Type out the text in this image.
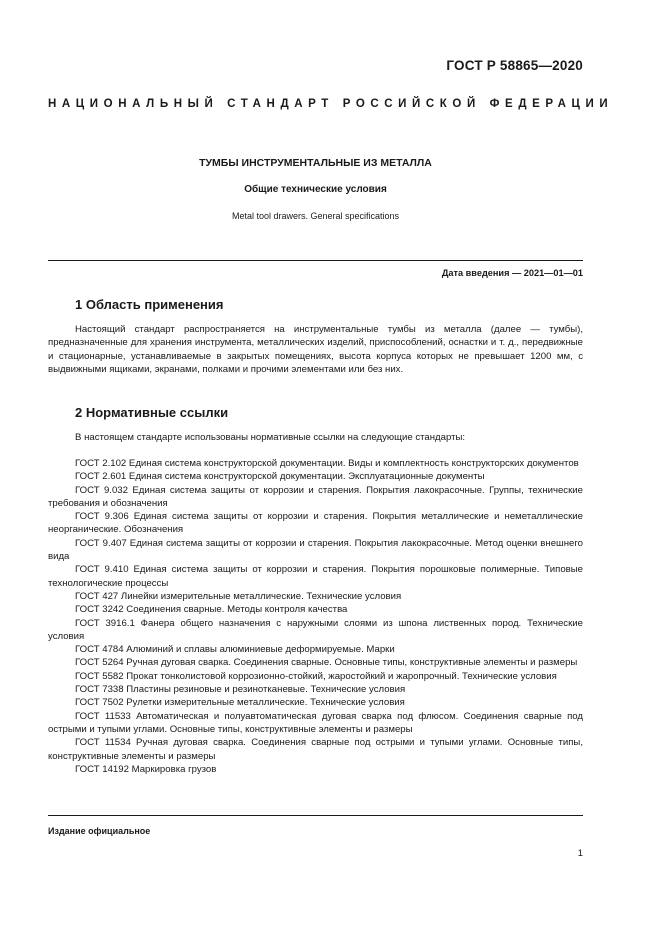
ГОСТ Р 58865—2020
НАЦИОНАЛЬНЫЙ СТАНДАРТ РОССИЙСКОЙ ФЕДЕРАЦИИ
ТУМБЫ ИНСТРУМЕНТАЛЬНЫЕ ИЗ МЕТАЛЛА
Общие технические условия
Metal tool drawers. General specifications
Дата введения — 2021—01—01
1 Область применения
Настоящий стандарт распространяется на инструментальные тумбы из металла (далее — тумбы), предназначенные для хранения инструмента, металлических изделий, приспособлений, оснастки и т. д., передвижные и стационарные, устанавливаемые в закрытых помещениях, высота корпуса которых не превышает 1200 мм, с выдвижными ящиками, экранами, полками и прочими элементами или без них.
2 Нормативные ссылки
В настоящем стандарте использованы нормативные ссылки на следующие стандарты:

ГОСТ 2.102 Единая система конструкторской документации. Виды и комплектность конструкторских документов

ГОСТ 2.601 Единая система конструкторской документации. Эксплуатационные документы

ГОСТ 9.032 Единая система защиты от коррозии и старения. Покрытия лакокрасочные. Группы, технические требования и обозначения

ГОСТ 9.306 Единая система защиты от коррозии и старения. Покрытия металлические и неметаллические неорганические. Обозначения

ГОСТ 9.407 Единая система защиты от коррозии и старения. Покрытия лакокрасочные. Метод оценки внешнего вида

ГОСТ 9.410 Единая система защиты от коррозии и старения. Покрытия порошковые полимерные. Типовые технологические процессы

ГОСТ 427 Линейки измерительные металлические. Технические условия

ГОСТ 3242 Соединения сварные. Методы контроля качества

ГОСТ 3916.1 Фанера общего назначения с наружными слоями из шпона лиственных пород. Технические условия

ГОСТ 4784 Алюминий и сплавы алюминиевые деформируемые. Марки

ГОСТ 5264 Ручная дуговая сварка. Соединения сварные. Основные типы, конструктивные элементы и размеры

ГОСТ 5582 Прокат тонколистовой коррозионно-стойкий, жаростойкий и жаропрочный. Технические условия

ГОСТ 7338 Пластины резиновые и резинотканевые. Технические условия

ГОСТ 7502 Рулетки измерительные металлические. Технические условия

ГОСТ 11533 Автоматическая и полуавтоматическая дуговая сварка под флюсом. Соединения сварные под острыми и тупыми углами. Основные типы, конструктивные элементы и размеры

ГОСТ 11534 Ручная дуговая сварка. Соединения сварные под острыми и тупыми углами. Основные типы, конструктивные элементы и размеры

ГОСТ 14192 Маркировка грузов

Издание официальное
1
